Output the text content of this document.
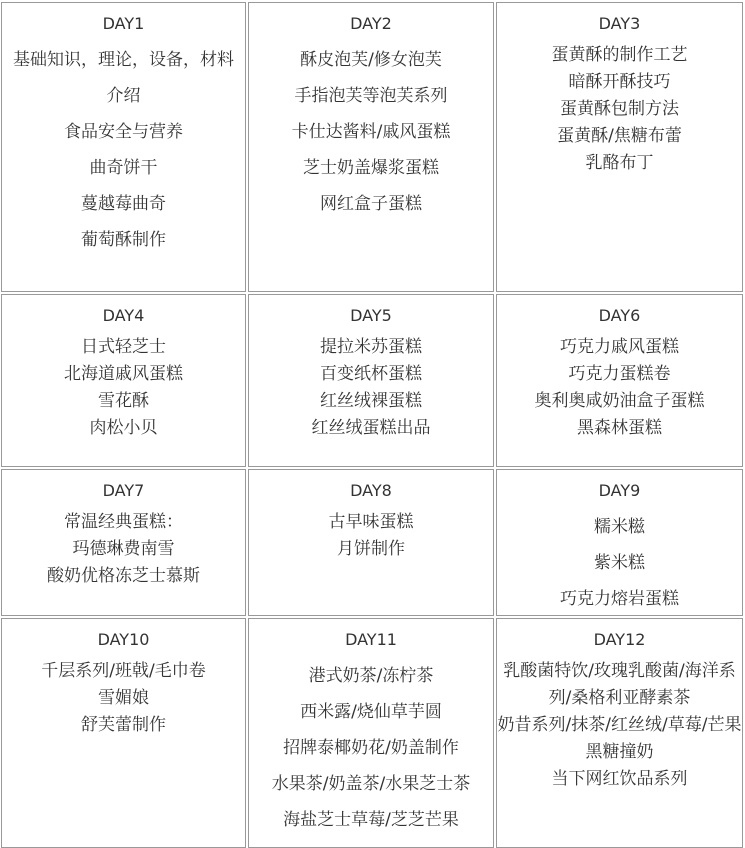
DAY1
基础知识，理论，设备，材料介绍
食品安全与营养
曲奇饼干
蔓越莓曲奇
葡萄酥制作
DAY2
酥皮泡芙/修女泡芙
手指泡芙等泡芙系列
卡仕达酱料/戚风蛋糕
芝士奶盖爆浆蛋糕
网红盒子蛋糕
DAY3
蛋黄酥的制作工艺
暗酥开酥技巧
蛋黄酥包制方法
蛋黄酥/焦糖布蕾
乳酪布丁
DAY4
日式轻芝士
北海道戚风蛋糕
雪花酥
肉松小贝
DAY5
提拉米苏蛋糕
百变纸杯蛋糕
红丝绒裸蛋糕
红丝绒蛋糕出品
DAY6
巧克力戚风蛋糕
巧克力蛋糕卷
奥利奥咸奶油盒子蛋糕
黑森林蛋糕
DAY7
常温经典蛋糕：
玛德琳费南雪
酸奶优格冻芝士慕斯
DAY8
古早味蛋糕
月饼制作
DAY9
糯米糍
紫米糕
巧克力熔岩蛋糕
DAY10
千层系列/班戟/毛巾卷
雪媚娘
舒芙蕾制作
DAY11
港式奶茶/冻柠茶
西米露/烧仙草芋圆
招牌泰椰奶花/奶盖制作
水果茶/奶盖茶/水果芝士茶
海盐芝士草莓/芝芝芒果
DAY12
乳酸菌特饮/玫瑰乳酸菌/海洋系列/桑格利亚酵素茶
奶昔系列/抹茶/红丝绒/草莓/芒果
黑糖撞奶
当下网红饮品系列
